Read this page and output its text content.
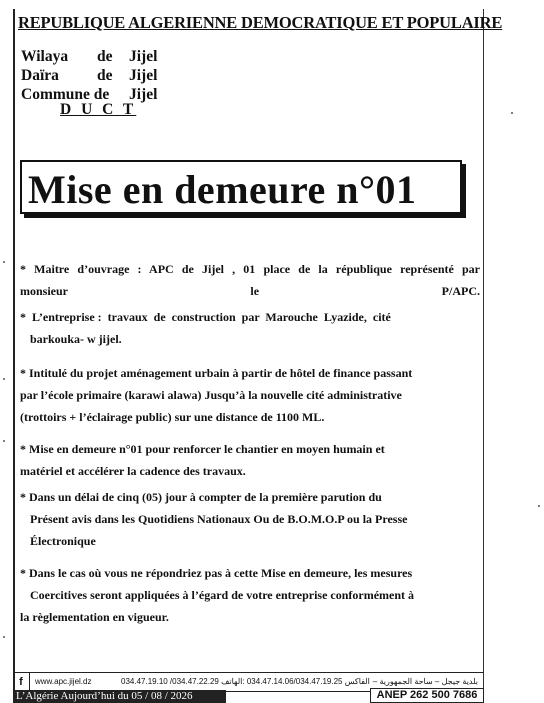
REPUBLIQUE ALGERIENNE DEMOCRATIQUE ET POPULAIRE
Wilaya	de	Jijel
Daïra	de	Jijel
Commune de	Jijel
D U C T
Mise en demeure n°01
* Maitre d’ouvrage : APC de Jijel , 01 place de la république représenté par
monsieur le P/APC.
*  L’entreprise :  travaux  de  construction  par  Marouche  Lyazide,  cité
barkouka- w jijel.
* Intitulé du projet aménagement urbain à partir de hôtel de finance passant
par l’école primaire (karawi alawa) Jusqu’à la nouvelle cité administrative
(trottoirs + l’éclairage public) sur une distance de 1100 ML.
* Mise en demeure n°01 pour renforcer le chantier en moyen humain et
matériel et accélérer la cadence des travaux.
* Dans un délai de cinq (05) jour à compter de la première parution du
Présent avis dans les Quotidiens Nationaux Ou de B.O.M.O.P ou la Presse
Électronique
* Dans le cas où vous ne répondriez pas à cette Mise en demeure, les mesures
Coercitives seront appliquées à l’égard de votre entreprise conformément à
la règlementation en vigueur.
f	www.apc.jijel.dz	034.47.19.10 /034.47.22.29 الفاكس 034.47.14.06/034.47.19.25 :الهاتف بلدية جيجل – ساحة الجمهورية –
L’Algérie Aujourd’hui du 05 / 08 / 2026	ANEP 262 500 7686
